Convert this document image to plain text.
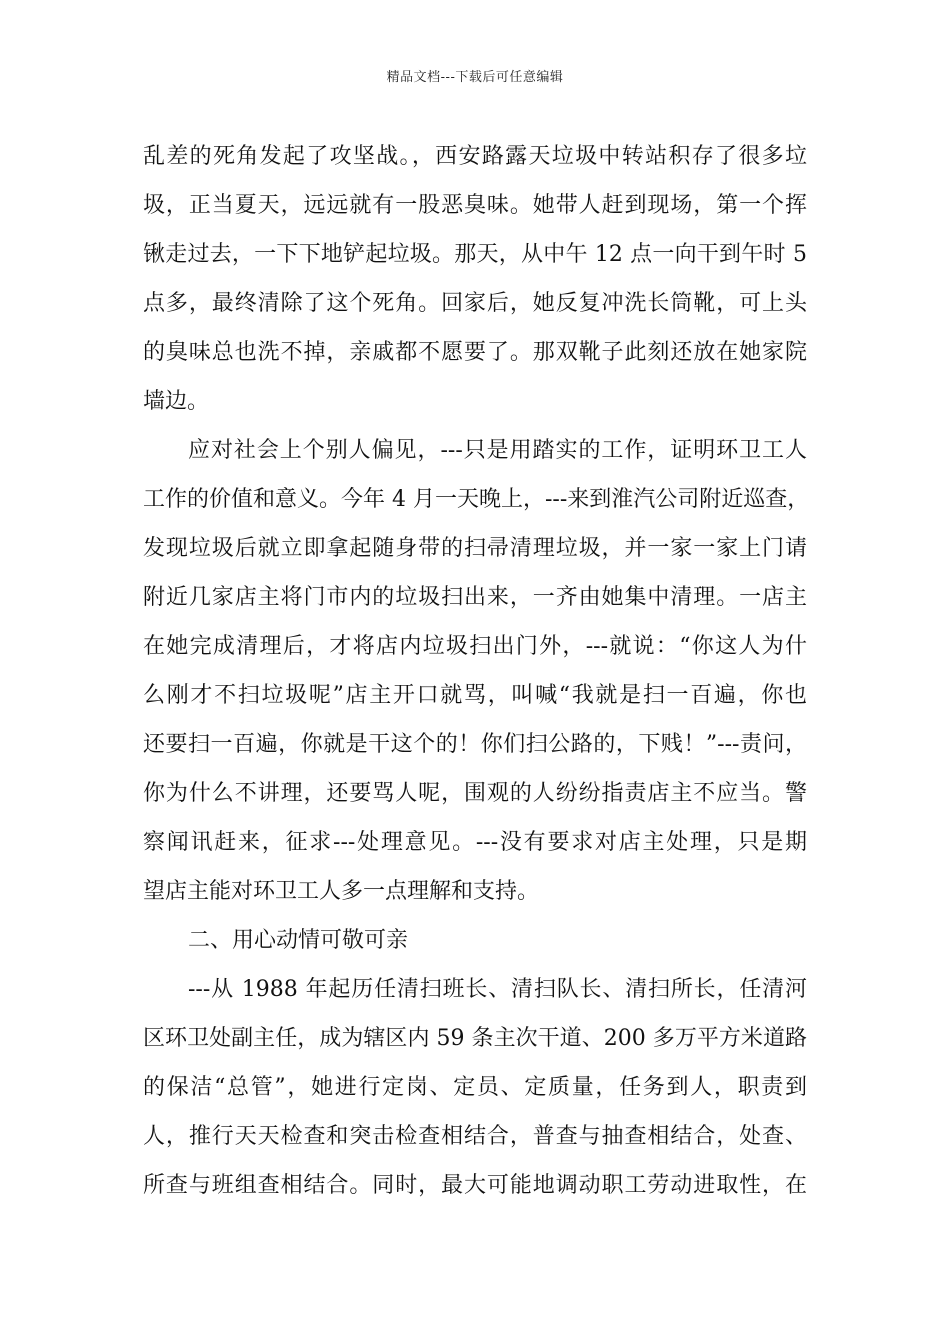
精品文档---下载后可任意编辑
乱差的死角发起了攻坚战。，西安路露天垃圾中转站积存了很多垃
圾，正当夏天，远远就有一股恶臭味。她带人赶到现场，第一个挥
锹走过去，一下下地铲起垃圾。那天，从中午 12 点一向干到午时 5
点多，最终清除了这个死角。回家后，她反复冲洗长筒靴，可上头
的臭味总也洗不掉，亲戚都不愿要了。那双靴子此刻还放在她家院
墙边。
应对社会上个别人偏见，---只是用踏实的工作，证明环卫工人
工作的价值和意义。今年 4 月一天晚上，---来到淮汽公司附近巡查，
发现垃圾后就立即拿起随身带的扫帚清理垃圾，并一家一家上门请
附近几家店主将门市内的垃圾扫出来，一齐由她集中清理。一店主
在她完成清理后，才将店内垃圾扫出门外，---就说：“你这人为什
么刚才不扫垃圾呢”店主开口就骂，叫喊“我就是扫一百遍，你也
还要扫一百遍，你就是干这个的！你们扫公路的，下贱！”---责问，
你为什么不讲理，还要骂人呢，围观的人纷纷指责店主不应当。警
察闻讯赶来，征求---处理意见。---没有要求对店主处理，只是期
望店主能对环卫工人多一点理解和支持。
二、用心动情可敬可亲
---从 1988 年起历任清扫班长、清扫队长、清扫所长，任清河
区环卫处副主任，成为辖区内 59 条主次干道、200 多万平方米道路
的保洁“总管”，她进行定岗、定员、定质量，任务到人，职责到
人，推行天天检查和突击检查相结合，普查与抽查相结合，处查、
所查与班组查相结合。同时，最大可能地调动职工劳动进取性，在
